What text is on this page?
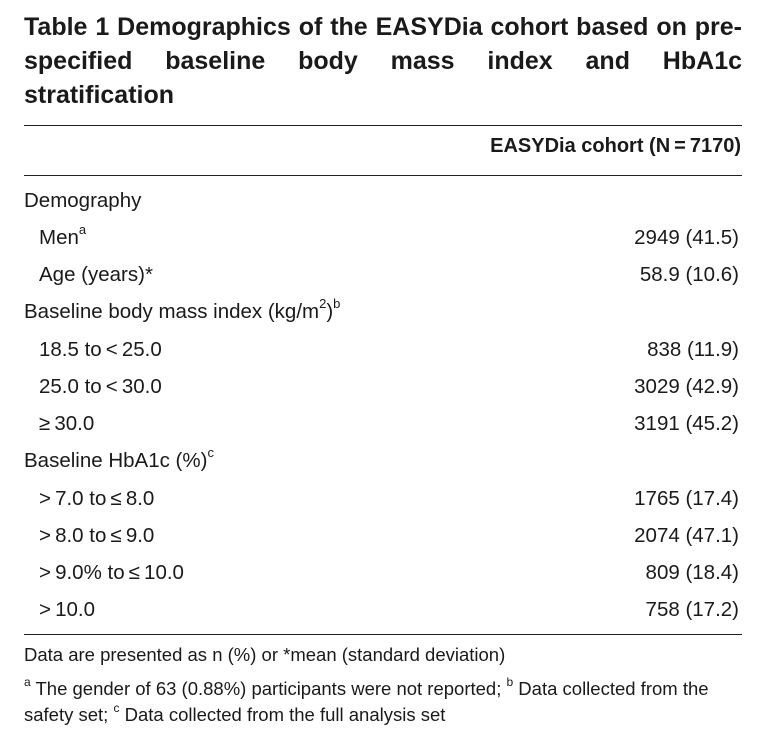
Table 1 Demographics of the EASYDia cohort based on pre-specified baseline body mass index and HbA1c stratification
EASYDia cohort (N = 7170)
Demography
Men$^a$	2949 (41.5)
Age (years)*	58.9 (10.6)
Baseline body mass index $(kg/m^2)^b$
18.5 to < 25.0	838 (11.9)
25.0 to < 30.0	3029 (42.9)
≥ 30.0	3191 (45.2)
Baseline HbA1c (%)$^c$
> 7.0 to ≤ 8.0	1765 (17.4)
> 8.0 to ≤ 9.0	2074 (47.1)
> 9.0% to ≤ 10.0	809 (18.4)
> 10.0	758 (17.2)
Data are presented as n (%) or *mean (standard deviation)
$^a$ The gender of 63 (0.88%) participants were not reported; $^b$ Data collected from the safety set; $^c$ Data collected from the full analysis set
